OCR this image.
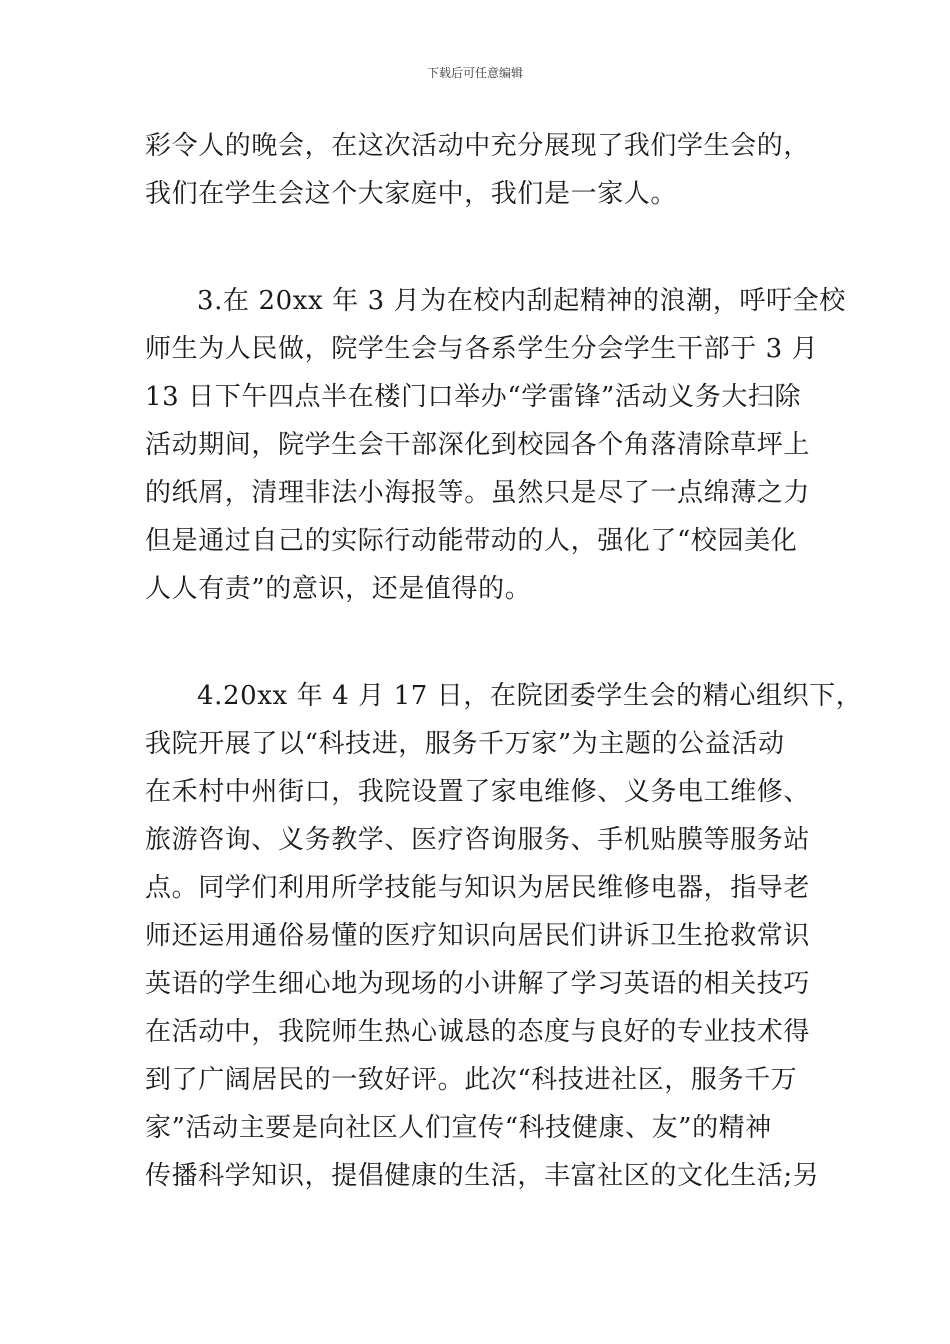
下载后可任意编辑
彩令人的晚会，在这次活动中充分展现了我们学生会的，
我们在学生会这个大家庭中，我们是一家人。
3.在 20xx 年 3 月为在校内刮起精神的浪潮，呼吁全校
师生为人民做，院学生会与各系学生分会学生干部于 3 月
13 日下午四点半在楼门口举办“学雷锋”活动义务大扫除
活动期间，院学生会干部深化到校园各个角落清除草坪上
的纸屑，清理非法小海报等。虽然只是尽了一点绵薄之力
但是通过自己的实际行动能带动的人，强化了“校园美化
人人有责”的意识，还是值得的。
4.20xx 年 4 月 17 日，在院团委学生会的精心组织下，
我院开展了以“科技进，服务千万家”为主题的公益活动
在禾村中州街口，我院设置了家电维修、义务电工维修、
旅游咨询、义务教学、医疗咨询服务、手机贴膜等服务站
点。同学们利用所学技能与知识为居民维修电器，指导老
师还运用通俗易懂的医疗知识向居民们讲诉卫生抢救常识
英语的学生细心地为现场的小讲解了学习英语的相关技巧
在活动中，我院师生热心诚恳的态度与良好的专业技术得
到了广阔居民的一致好评。此次“科技进社区，服务千万
家”活动主要是向社区人们宣传“科技健康、友”的精神
传播科学知识，提倡健康的生活，丰富社区的文化生活;另
